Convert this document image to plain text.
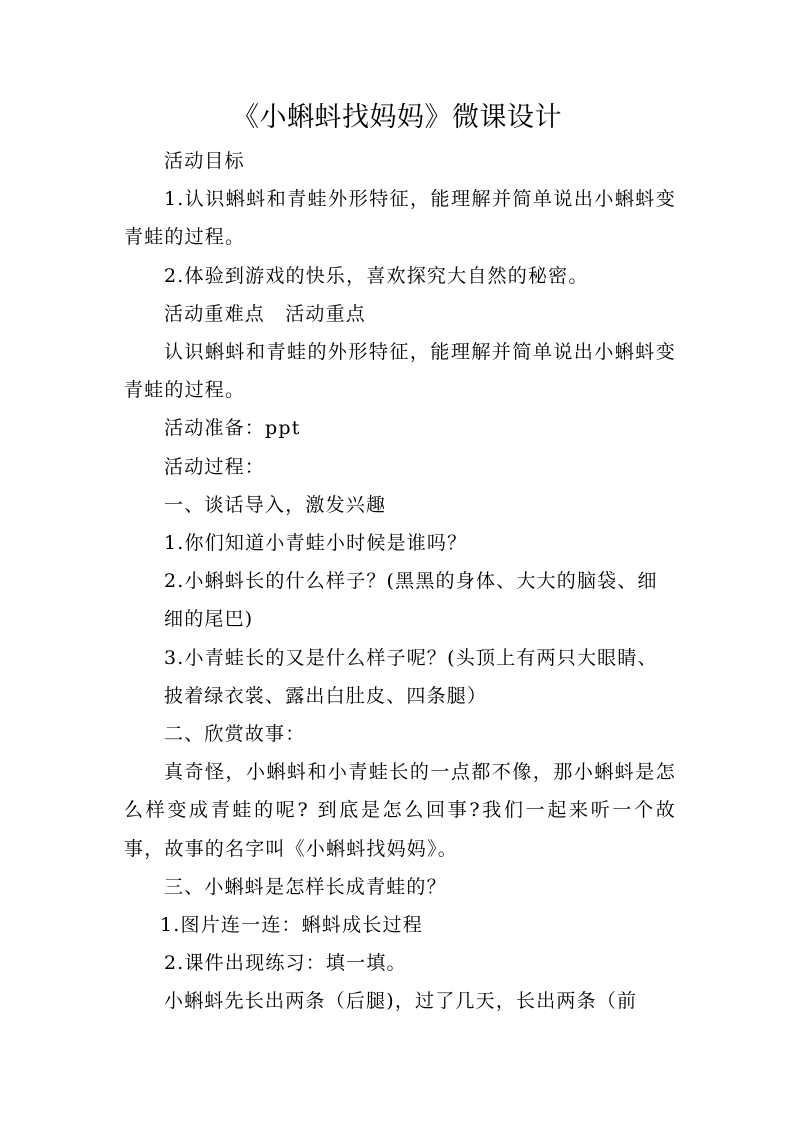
《小蝌蚪找妈妈》微课设计

活动目标

1.认识蝌蚪和青蛙外形特征，能理解并简单说出小蝌蚪变青蛙的过程。

2.体验到游戏的快乐，喜欢探究大自然的秘密。

活动重难点　活动重点

认识蝌蚪和青蛙的外形特征，能理解并简单说出小蝌蚪变青蛙的过程。

活动准备：ppt

活动过程：

一、谈话导入，激发兴趣

1.你们知道小青蛙小时候是谁吗？

2.小蝌蚪长的什么样子？(黑黑的身体、大大的脑袋、细

细的尾巴)

3.小青蛙长的又是什么样子呢？(头顶上有两只大眼睛、

披着绿衣裳、露出白肚皮、四条腿）

二、欣赏故事：

真奇怪，小蝌蚪和小青蛙长的一点都不像，那小蝌蚪是怎么样变成青蛙的呢? 到底是怎么回事?我们一起来听一个故事，故事的名字叫《小蝌蚪找妈妈》。

三、小蝌蚪是怎样长成青蛙的？

1.图片连一连：蝌蚪成长过程

2.课件出现练习：填一填。

小蝌蚪先长出两条（后腿)，过了几天，长出两条（前
